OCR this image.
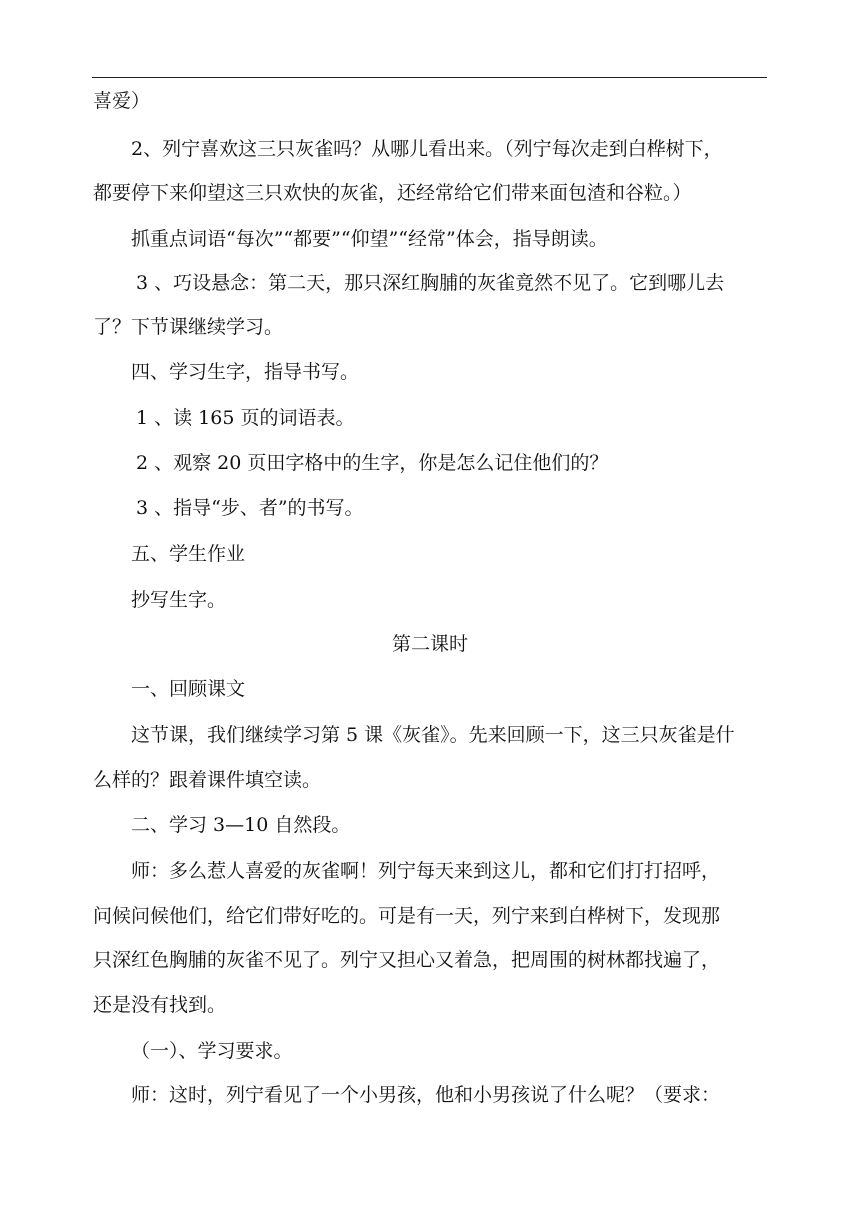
喜爱）
2、列宁喜欢这三只灰雀吗？从哪儿看出来。（列宁每次走到白桦树下，
都要停下来仰望这三只欢快的灰雀，还经常给它们带来面包渣和谷粒。）
抓重点词语“每次”“都要”“仰望”“经常”体会，指导朗读。
3 、巧设悬念：第二天，那只深红胸脯的灰雀竟然不见了。它到哪儿去
了？下节课继续学习。
四、学习生字，指导书写。
1 、读 165 页的词语表。
2 、观察 20 页田字格中的生字，你是怎么记住他们的？
3 、指导“步、者”的书写。
五、学生作业
抄写生字。
第二课时
一、回顾课文
这节课，我们继续学习第 5 课《灰雀》。先来回顾一下，这三只灰雀是什
么样的？跟着课件填空读。
二、学习 3—10 自然段。
师：多么惹人喜爱的灰雀啊！列宁每天来到这儿，都和它们打打招呼，
问候问候他们，给它们带好吃的。可是有一天，列宁来到白桦树下，发现那
只深红色胸脯的灰雀不见了。列宁又担心又着急，把周围的树林都找遍了，
还是没有找到。
（一）、学习要求。
师：这时，列宁看见了一个小男孩，他和小男孩说了什么呢？（要求：
